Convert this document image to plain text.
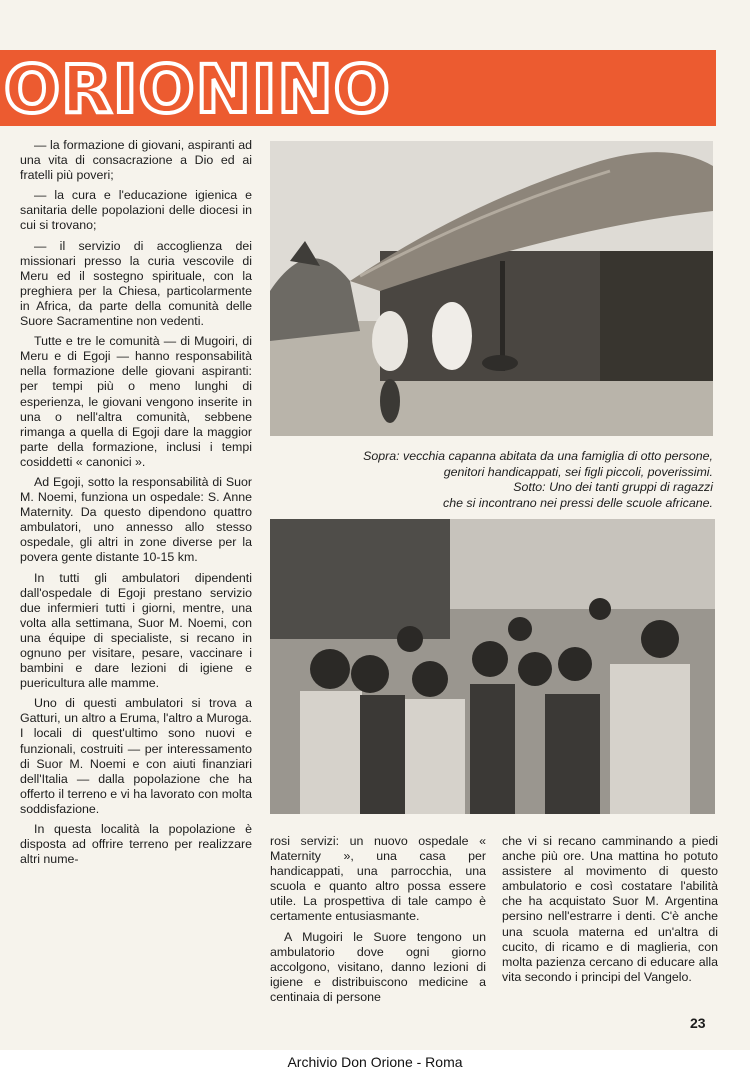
ORIONINO

— la formazione di giovani, aspiranti ad una vita di consacrazione a Dio ed ai fratelli più poveri;

— la cura e l'educazione igienica e sanitaria delle popolazioni delle diocesi in cui si trovano;

— il servizio di accoglienza dei missionari presso la curia vescovile di Meru ed il sostegno spirituale, con la preghiera per la Chiesa, particolarmente in Africa, da parte della comunità delle Suore Sacramentine non vedenti.

Tutte e tre le comunità — di Mugoiri, di Meru e di Egoji — hanno responsabilità nella formazione delle giovani aspiranti: per tempi più o meno lunghi di esperienza, le giovani vengono inserite in una o nell'altra comunità, sebbene rimanga a quella di Egoji dare la maggior parte della formazione, inclusi i tempi cosiddetti « canonici ».

Ad Egoji, sotto la responsabilità di Suor M. Noemi, funziona un ospedale: S. Anne Maternity. Da questo dipendono quattro ambulatori, uno annesso allo stesso ospedale, gli altri in zone diverse per la povera gente distante 10-15 km.

In tutti gli ambulatori dipendenti dall'ospedale di Egoji prestano servizio due infermieri tutti i giorni, mentre, una volta alla settimana, Suor M. Noemi, con una équipe di specialiste, si recano in ognuno per visitare, pesare, vaccinare i bambini e dare lezioni di igiene e puericultura alle mamme.

Uno di questi ambulatori si trova a Gatturi, un altro a Eruma, l'altro a Muroga. I locali di quest'ultimo sono nuovi e funzionali, costruiti — per interessamento di Suor M. Noemi e con aiuti finanziari dell'Italia — dalla popolazione che ha offerto il terreno e vi ha lavorato con molta soddisfazione.

In questa località la popolazione è disposta ad offrire terreno per realizzare altri nume-

Sopra: vecchia capanna abitata da una famiglia di otto persone,
genitori handicappati, sei figli piccoli, poverissimi.
Sotto: Uno dei tanti gruppi di ragazzi
che si incontrano nei pressi delle scuole africane.

rosi servizi: un nuovo ospedale « Maternity », una casa per handicappati, una parrocchia, una scuola e quanto altro possa essere utile. La prospettiva di tale campo è certamente entusiasmante.

A Mugoiri le Suore tengono un ambulatorio dove ogni giorno accolgono, visitano, danno lezioni di igiene e distribuiscono medicine a centinaia di persone

che vi si recano camminando a piedi anche più ore. Una mattina ho potuto assistere al movimento di questo ambulatorio e così costatare l'abilità che ha acquistato Suor M. Argentina persino nell'estrarre i denti. C'è anche una scuola materna ed un'altra di cucito, di ricamo e di maglieria, con molta pazienza cercano di educare alla vita secondo i principi del Vangelo.

23
Archivio Don Orione - Roma
